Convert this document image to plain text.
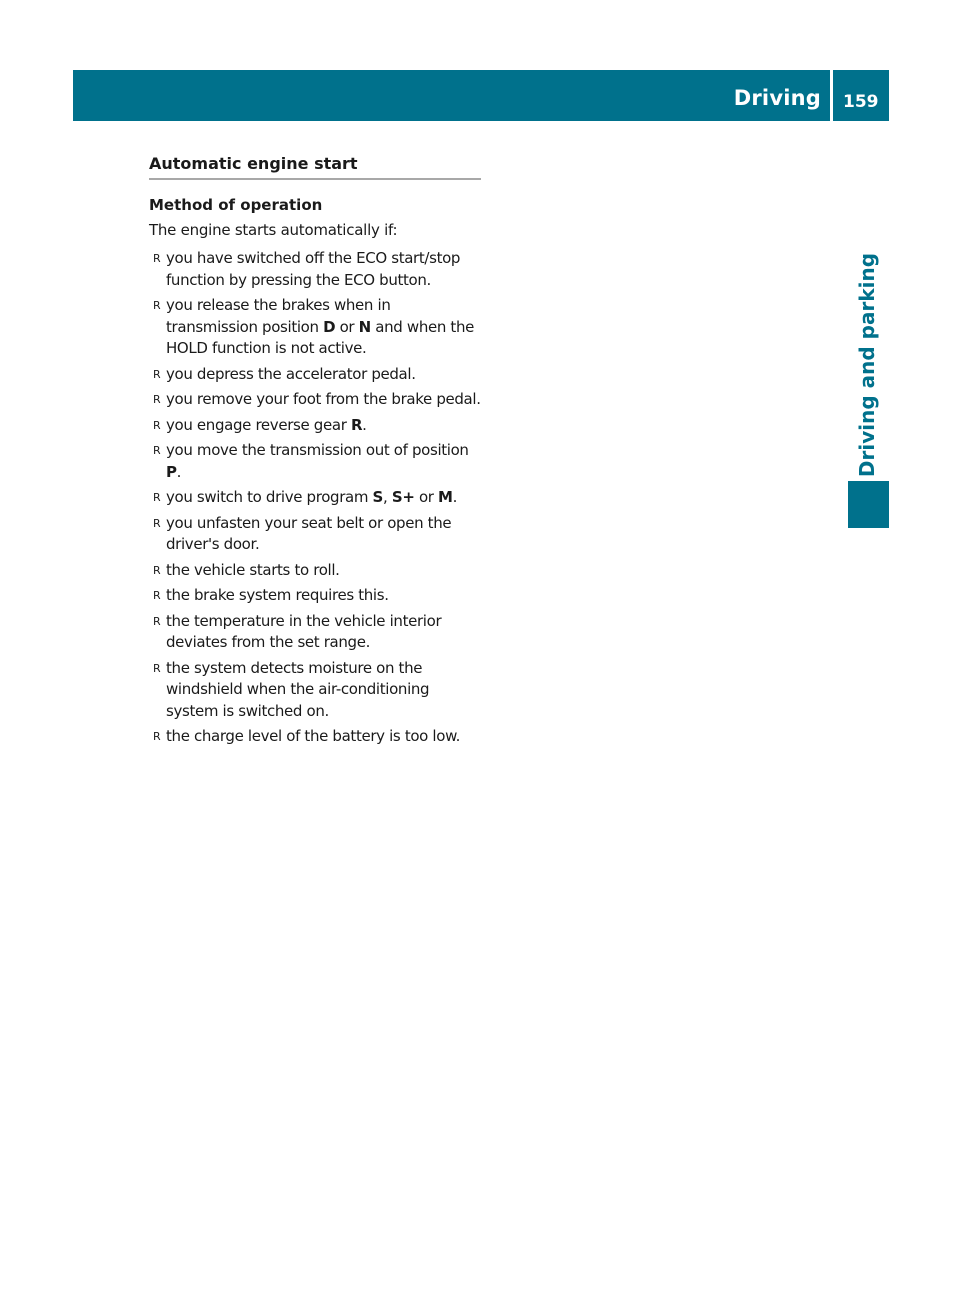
Driving 159
Driving and parking
Automatic engine start
Method of operation

The engine starts automatically if:

R you have switched off the ECO start/stop function by pressing the ECO button.
R you release the brakes when in transmission position D or N and when the HOLD function is not active.
R you depress the accelerator pedal.
R you remove your foot from the brake pedal.
R you engage reverse gear R.
R you move the transmission out of position P.
R you switch to drive program S, S+ or M.
R you unfasten your seat belt or open the driver's door.
R the vehicle starts to roll.
R the brake system requires this.
R the temperature in the vehicle interior deviates from the set range.
R the system detects moisture on the windshield when the air-conditioning system is switched on.
R the charge level of the battery is too low.
